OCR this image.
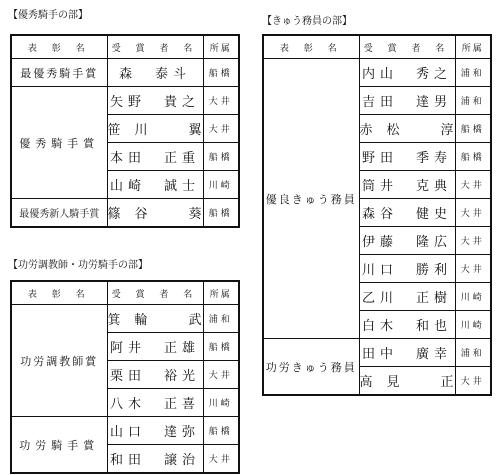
【優秀騎手の部】
表 彰 名	受 賞 者 名	所属
最優秀騎手賞	森　泰斗	船橋
優秀騎手賞	矢野　貴之	大井
	笹川　翼	大井
	本田　正重	船橋
	山崎　誠士	川崎
最優秀新人騎手賞	篠谷　葵	船橋
【功労調教師・功労騎手の部】
表 彰 名	受 賞 者 名	所属
功労調教師賞	箕輪　武	浦和
	阿井　正雄	船橋
	栗田　裕光	大井
	八木　正喜	川崎
功労騎手賞	山口　達弥	船橋
	和田　譲治	大井
【きゅう務員の部】
表 彰 名	受 賞 者 名	所属
優良きゅう務員	内山　秀之	浦和
	吉田　達男	浦和
	赤松　淳	船橋
	野田　季寿	船橋
	筒井　克典	大井
	森谷　健史	大井
	伊藤　隆広	大井
	川口　勝利	大井
	乙川　正樹	川崎
	白木　和也	川崎
功労きゅう務員	田中　廣幸	浦和
	高見　正	大井
